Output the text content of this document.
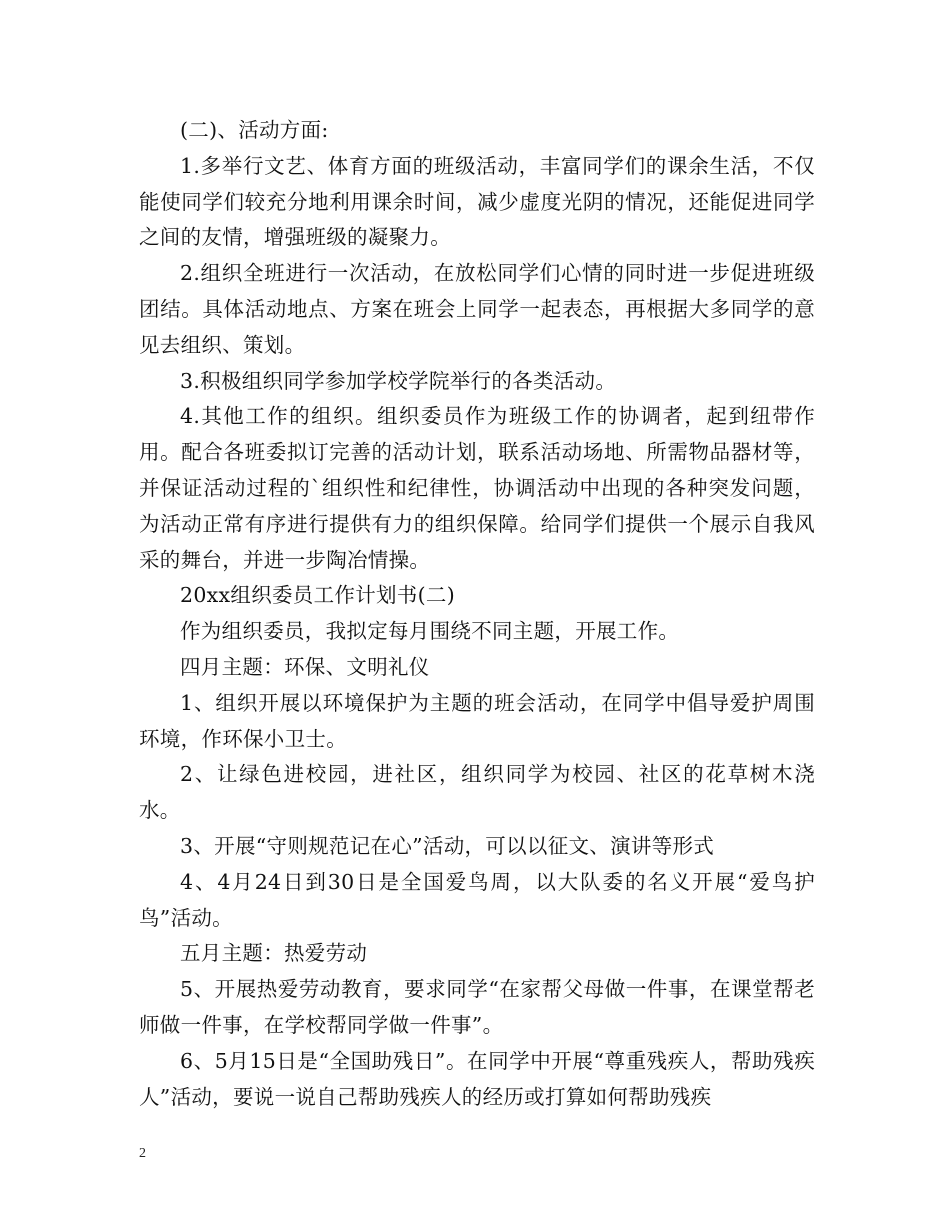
(二)、活动方面:

1.多举行文艺、体育方面的班级活动，丰富同学们的课余生活，不仅能使同学们较充分地利用课余时间，减少虚度光阴的情况，还能促进同学之间的友情，增强班级的凝聚力。

2.组织全班进行一次活动，在放松同学们心情的同时进一步促进班级团结。具体活动地点、方案在班会上同学一起表态，再根据大多同学的意见去组织、策划。

3.积极组织同学参加学校学院举行的各类活动。

4.其他工作的组织。组织委员作为班级工作的协调者，起到纽带作用。配合各班委拟订完善的活动计划，联系活动场地、所需物品器材等，并保证活动过程的`组织性和纪律性，协调活动中出现的各种突发问题，为活动正常有序进行提供有力的组织保障。给同学们提供一个展示自我风采的舞台，并进一步陶冶情操。

20xx组织委员工作计划书(二)

作为组织委员，我拟定每月围绕不同主题，开展工作。

四月主题：环保、文明礼仪

1、组织开展以环境保护为主题的班会活动，在同学中倡导爱护周围环境，作环保小卫士。

2、让绿色进校园，进社区，组织同学为校园、社区的花草树木浇水。

3、开展“守则规范记在心”活动，可以以征文、演讲等形式

4、4月24日到30日是全国爱鸟周，以大队委的名义开展“爱鸟护鸟”活动。

五月主题：热爱劳动

5、开展热爱劳动教育，要求同学“在家帮父母做一件事，在课堂帮老师做一件事，在学校帮同学做一件事”。

6、5月15日是“全国助残日”。在同学中开展“尊重残疾人，帮助残疾人”活动，要说一说自己帮助残疾人的经历或打算如何帮助残疾

2
